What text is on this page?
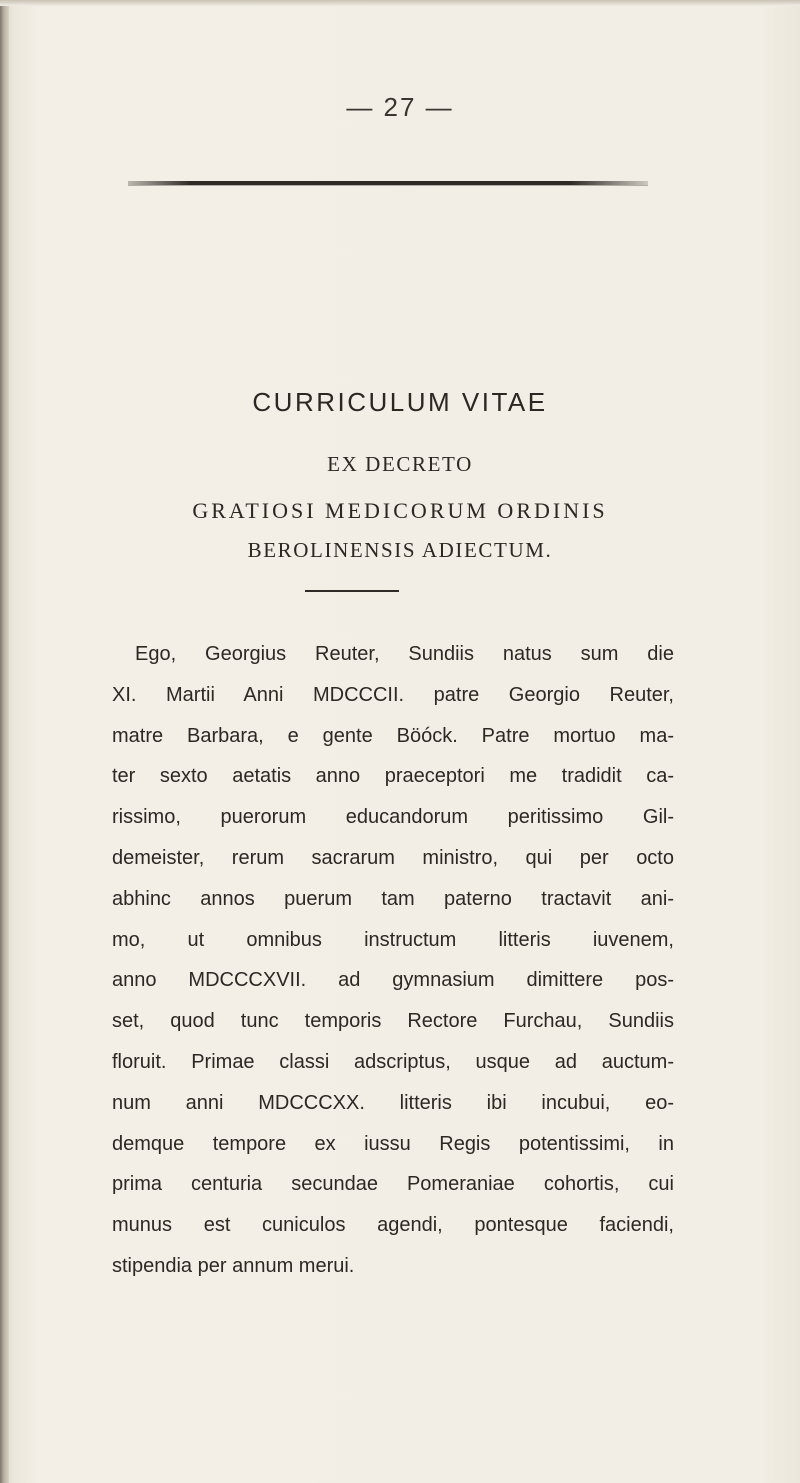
— 27 —
CURRICULUM VITAE
EX DECRETO
GRATIOSI MEDICORUM ORDINIS
BEROLINENSIS ADIECTUM.
Ego, Georgius Reuter, Sundiis natus sum die
XI. Martii Anni MDCCCII. patre Georgio Reuter,
matre Barbara, e gente Böóck. Patre mortuo ma-
ter sexto aetatis anno praeceptori me tradidit ca-
rissimo, puerorum educandorum peritissimo Gil-
demeister, rerum sacrarum ministro, qui per octo
abhinc annos puerum tam paterno tractavit ani-
mo, ut omnibus instructum litteris iuvenem,
anno MDCCCXVII. ad gymnasium dimittere pos-
set, quod tunc temporis Rectore Furchau, Sundiis
floruit. Primae classi adscriptus, usque ad auctum-
num anni MDCCCXX. litteris ibi incubui, eo-
demque tempore ex iussu Regis potentissimi, in
prima centuria secundae Pomeraniae cohortis, cui
munus est cuniculos agendi, pontesque faciendi,
stipendia per annum merui.
